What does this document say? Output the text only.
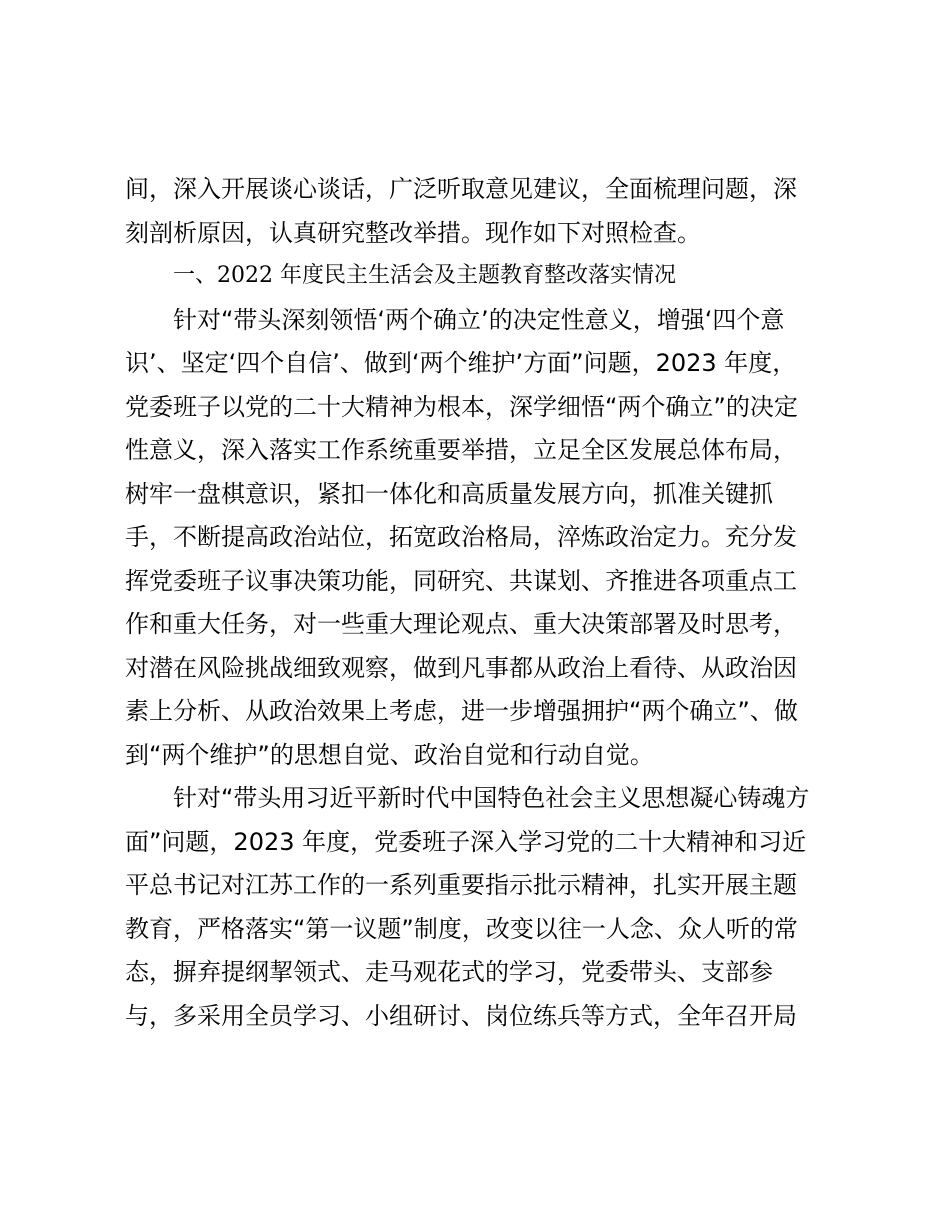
间，深入开展谈心谈话，广泛听取意见建议，全面梳理问题，深
刻剖析原因，认真研究整改举措。现作如下对照检查。
一、2022 年度民主生活会及主题教育整改落实情况
针对“带头深刻领悟‘两个确立’的决定性意义，增强‘四个意
识’、坚定‘四个自信’、做到‘两个维护’方面”问题，2023 年度，
党委班子以党的二十大精神为根本，深学细悟“两个确立”的决定
性意义，深入落实工作系统重要举措，立足全区发展总体布局，
树牢一盘棋意识，紧扣一体化和高质量发展方向，抓准关键抓
手，不断提高政治站位，拓宽政治格局，淬炼政治定力。充分发
挥党委班子议事决策功能，同研究、共谋划、齐推进各项重点工
作和重大任务，对一些重大理论观点、重大决策部署及时思考，
对潜在风险挑战细致观察，做到凡事都从政治上看待、从政治因
素上分析、从政治效果上考虑，进一步增强拥护“两个确立”、做
到“两个维护”的思想自觉、政治自觉和行动自觉。
针对“带头用习近平新时代中国特色社会主义思想凝心铸魂方
面”问题，2023 年度，党委班子深入学习党的二十大精神和习近
平总书记对江苏工作的一系列重要指示批示精神，扎实开展主题
教育，严格落实“第一议题”制度，改变以往一人念、众人听的常
态，摒弃提纲挈领式、走马观花式的学习，党委带头、支部参
与，多采用全员学习、小组研讨、岗位练兵等方式，全年召开局
